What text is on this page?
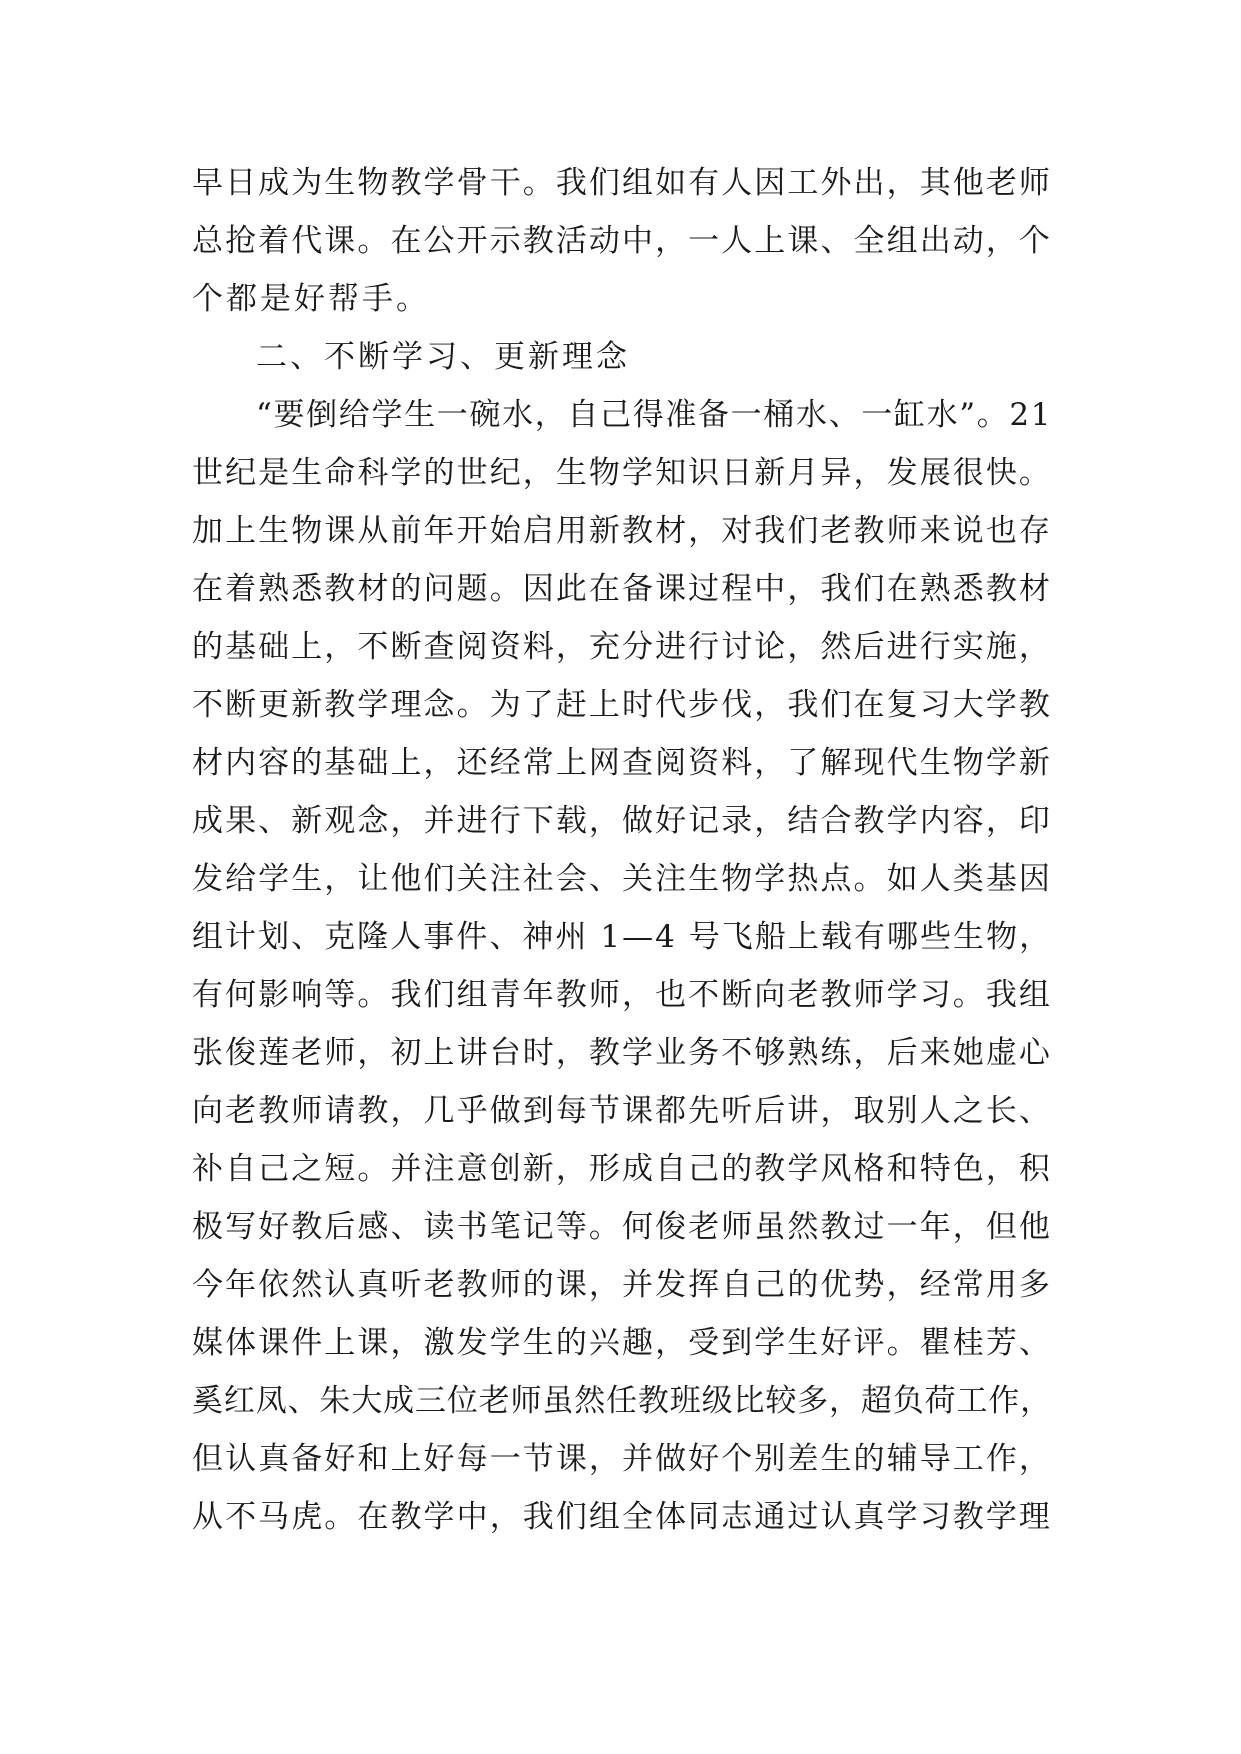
早日成为生物教学骨干。我们组如有人因工外出，其他老师
总抢着代课。在公开示教活动中，一人上课、全组出动，个
个都是好帮手。
二、不断学习、更新理念
“要倒给学生一碗水，自己得准备一桶水、一缸水”。21
世纪是生命科学的世纪，生物学知识日新月异，发展很快。
加上生物课从前年开始启用新教材，对我们老教师来说也存
在着熟悉教材的问题。因此在备课过程中，我们在熟悉教材
的基础上，不断查阅资料，充分进行讨论，然后进行实施，
不断更新教学理念。为了赶上时代步伐，我们在复习大学教
材内容的基础上，还经常上网查阅资料，了解现代生物学新
成果、新观念，并进行下载，做好记录，结合教学内容，印
发给学生，让他们关注社会、关注生物学热点。如人类基因
组计划、克隆人事件、神州 1—4 号飞船上载有哪些生物，
有何影响等。我们组青年教师，也不断向老教师学习。我组
张俊莲老师，初上讲台时，教学业务不够熟练，后来她虚心
向老教师请教，几乎做到每节课都先听后讲，取别人之长、
补自己之短。并注意创新，形成自己的教学风格和特色，积
极写好教后感、读书笔记等。何俊老师虽然教过一年，但他
今年依然认真听老教师的课，并发挥自己的优势，经常用多
媒体课件上课，激发学生的兴趣，受到学生好评。瞿桂芳、
奚红凤、朱大成三位老师虽然任教班级比较多，超负荷工作，
但认真备好和上好每一节课，并做好个别差生的辅导工作，
从不马虎。在教学中，我们组全体同志通过认真学习教学理
